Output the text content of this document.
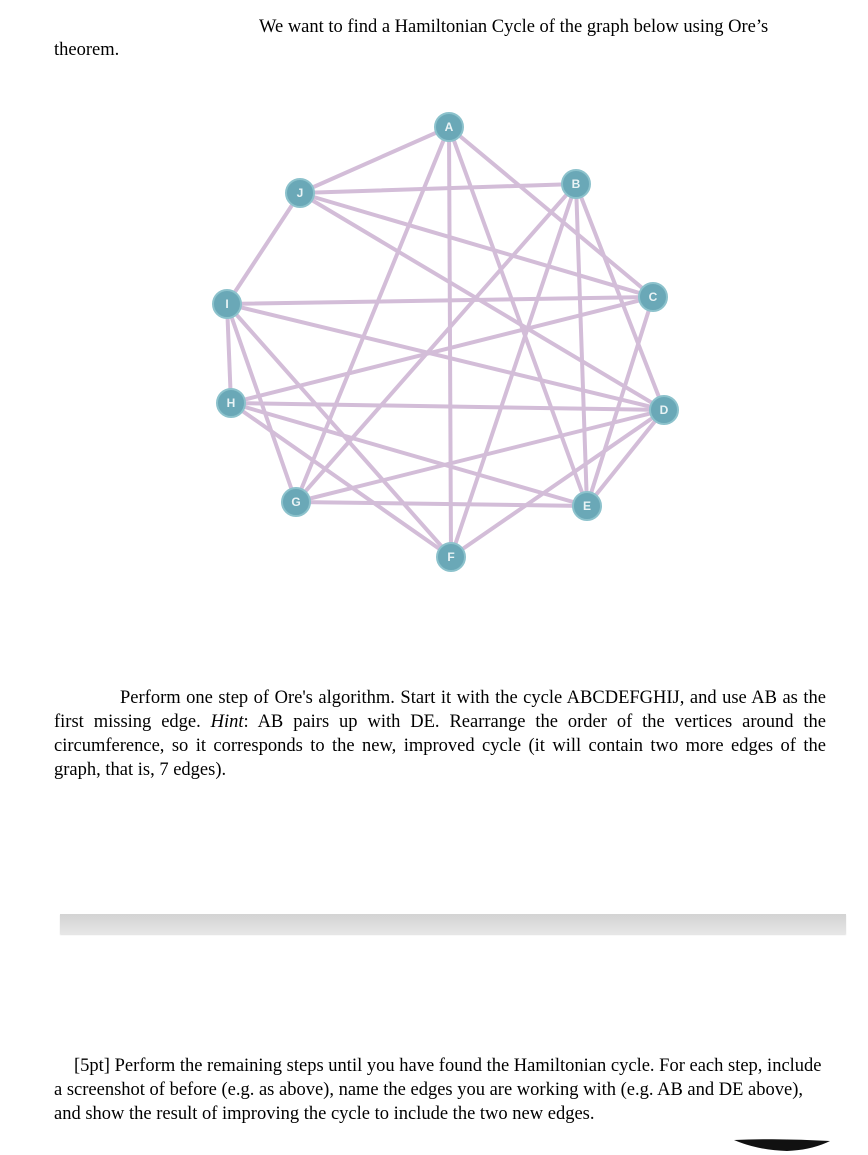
We want to find a Hamiltonian Cycle of the graph below using Ore’s

theorem.

A
B
C
D
E
F
G
H
I
J

Perform one step of Ore's algorithm. Start it with the cycle ABCDEFGHIJ, and use AB as the first missing edge. Hint: AB pairs up with DE. Rearrange the order of the vertices around the circumference, so it corresponds to the new, improved cycle (it will contain two more edges of the graph, that is, 7 edges).

[5pt] Perform the remaining steps until you have found the Hamiltonian cycle. For each step, include a screenshot of before (e.g. as above), name the edges you are working with (e.g. AB and DE above), and show the result of improving the cycle to include the two new edges.
